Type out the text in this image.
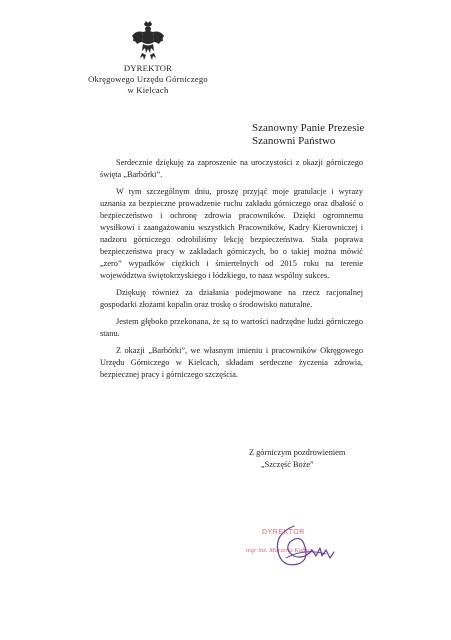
DYREKTOR
Okręgowego Urzędu Górniczego
w Kielcach
Szanowny Panie Prezesie
Szanowni Państwo

Serdecznie dziękuję za zaproszenie na uroczystości z okazji górniczego święta „Barbórki”.

W tym szczególnym dniu, proszę przyjąć moje gratulacje i wyrazy uznania za bezpieczne prowadzenie ruchu zakładu górniczego oraz dbałość o bezpieczeństwo i ochronę zdrowia pracowników. Dzięki ogromnemu wysiłkowi i zaangażowaniu wszystkich Pracowników, Kadry Kierowniczej i nadzoru górniczego odrobiliśmy lekcję bezpieczeństwa. Stała poprawa bezpieczeństwa pracy w zakładach górniczych, bo o takiej można mówić „zero” wypadków ciężkich i śmiertelnych od 2015 roku na terenie województwa świętokrzyskiego i łódzkiego, to nasz wspólny sukces.

Dziękuję również za działania podejmowane na rzecz racjonalnej gospodarki złożami kopalin oraz troskę o środowisko naturalne.

Jestem głęboko przekonana, że są to wartości nadrzędne ludzi górniczego stanu.

Z okazji „Barbórki”, we własnym imieniu i pracowników Okręgowego Urzędu Górniczego w Kielcach, składam serdeczne życzenia zdrowia, bezpiecznej pracy i górniczego szczęścia.

Z górniczym pozdrowieniem
„Szczęść Boże”
DYREKTOR
mgr inż. Marzena Kubisz
